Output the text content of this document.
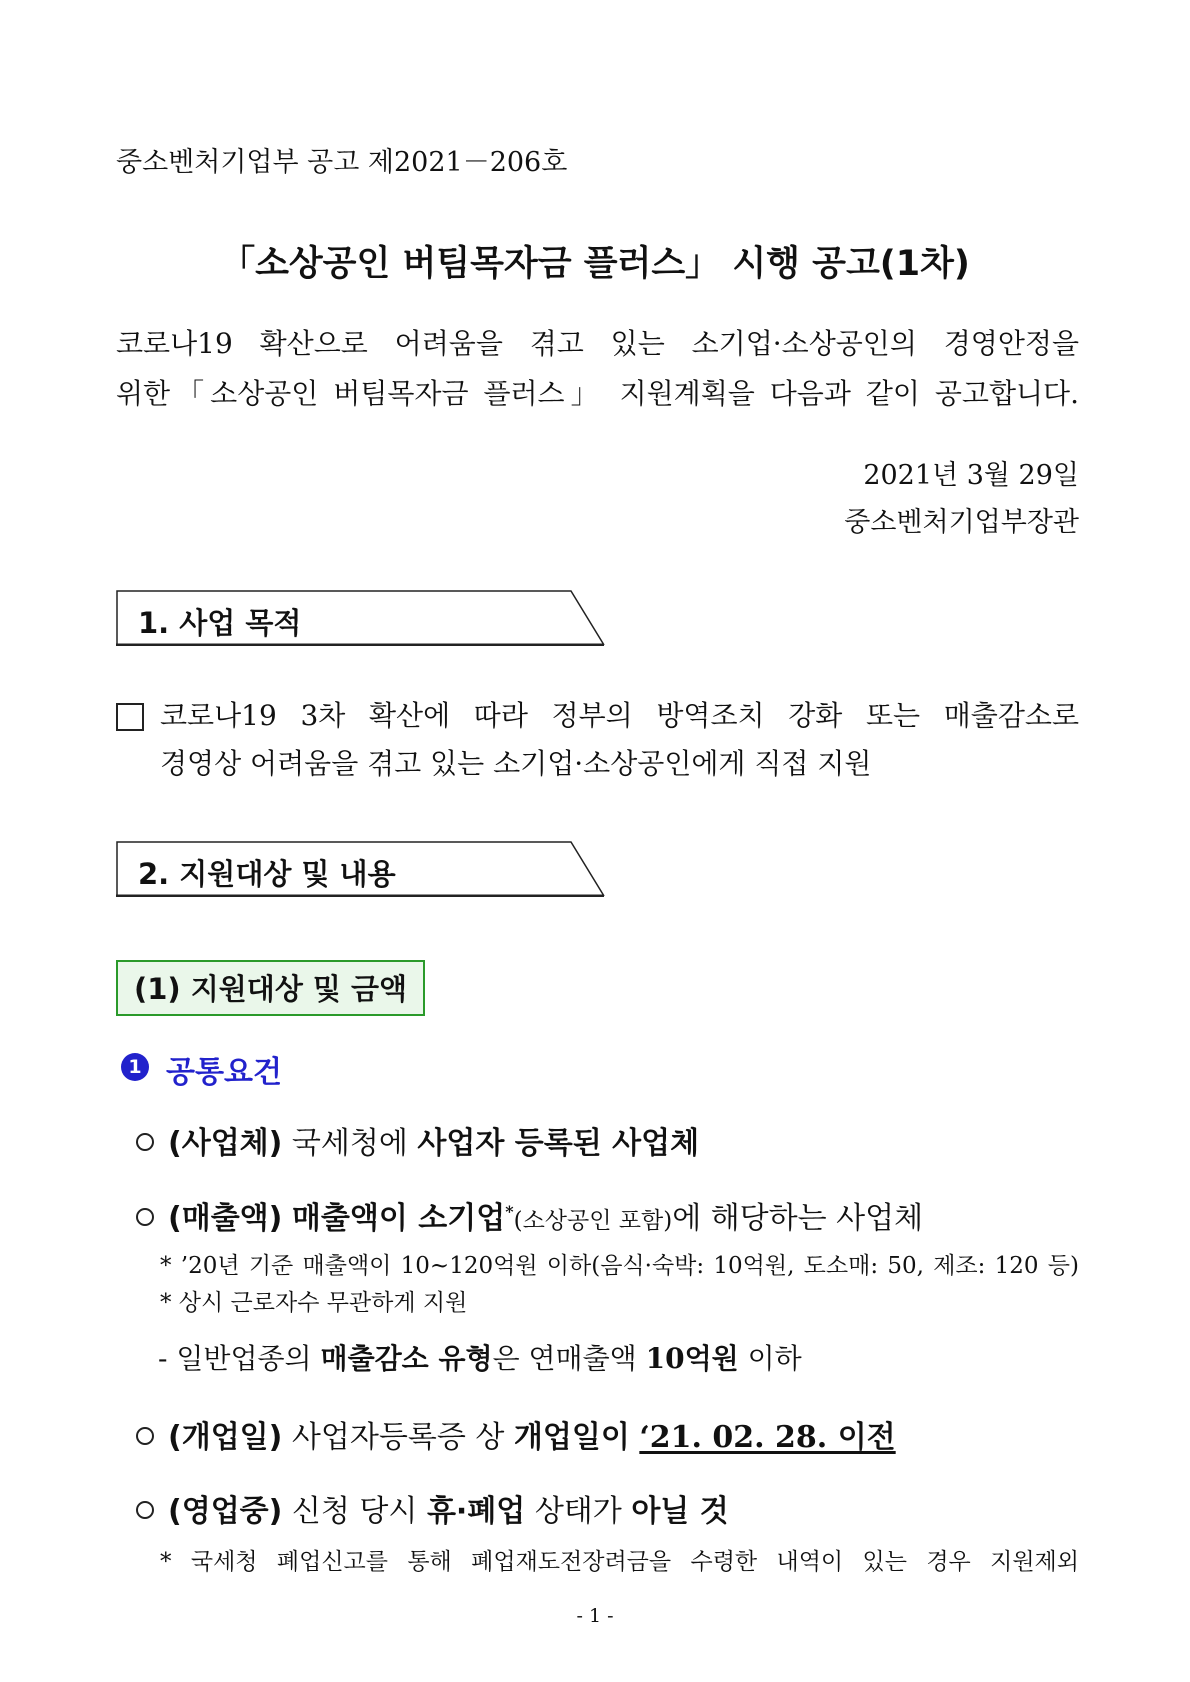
중소벤처기업부 공고 제2021－206호
「소상공인 버팀목자금 플러스」 시행 공고(1차)
코로나19 확산으로 어려움을 겪고 있는 소기업·소상공인의 경영안정을
위한「소상공인 버팀목자금 플러스」 지원계획을 다음과 같이 공고합니다.
2021년 3월 29일
중소벤처기업부장관
1. 사업 목적
코로나19 3차 확산에 따라 정부의 방역조치 강화 또는 매출감소로
경영상 어려움을 겪고 있는 소기업·소상공인에게 직접 지원
2. 지원대상 및 내용
(1) 지원대상 및 금액
1 공통요건
(사업체) 국세청에 사업자 등록된 사업체
(매출액) 매출액이 소기업*(소상공인 포함)에 해당하는 사업체
* ’20년 기준 매출액이 10~120억원 이하(음식·숙박: 10억원, 도소매: 50, 제조: 120 등)
* 상시 근로자수 무관하게 지원
- 일반업종의 매출감소 유형은 연매출액 10억원 이하
(개업일) 사업자등록증 상 개업일이 ‘21. 02. 28. 이전
(영업중) 신청 당시 휴·폐업 상태가 아닐 것
* 국세청 폐업신고를 통해 폐업재도전장려금을 수령한 내역이 있는 경우 지원제외
- 1 -
